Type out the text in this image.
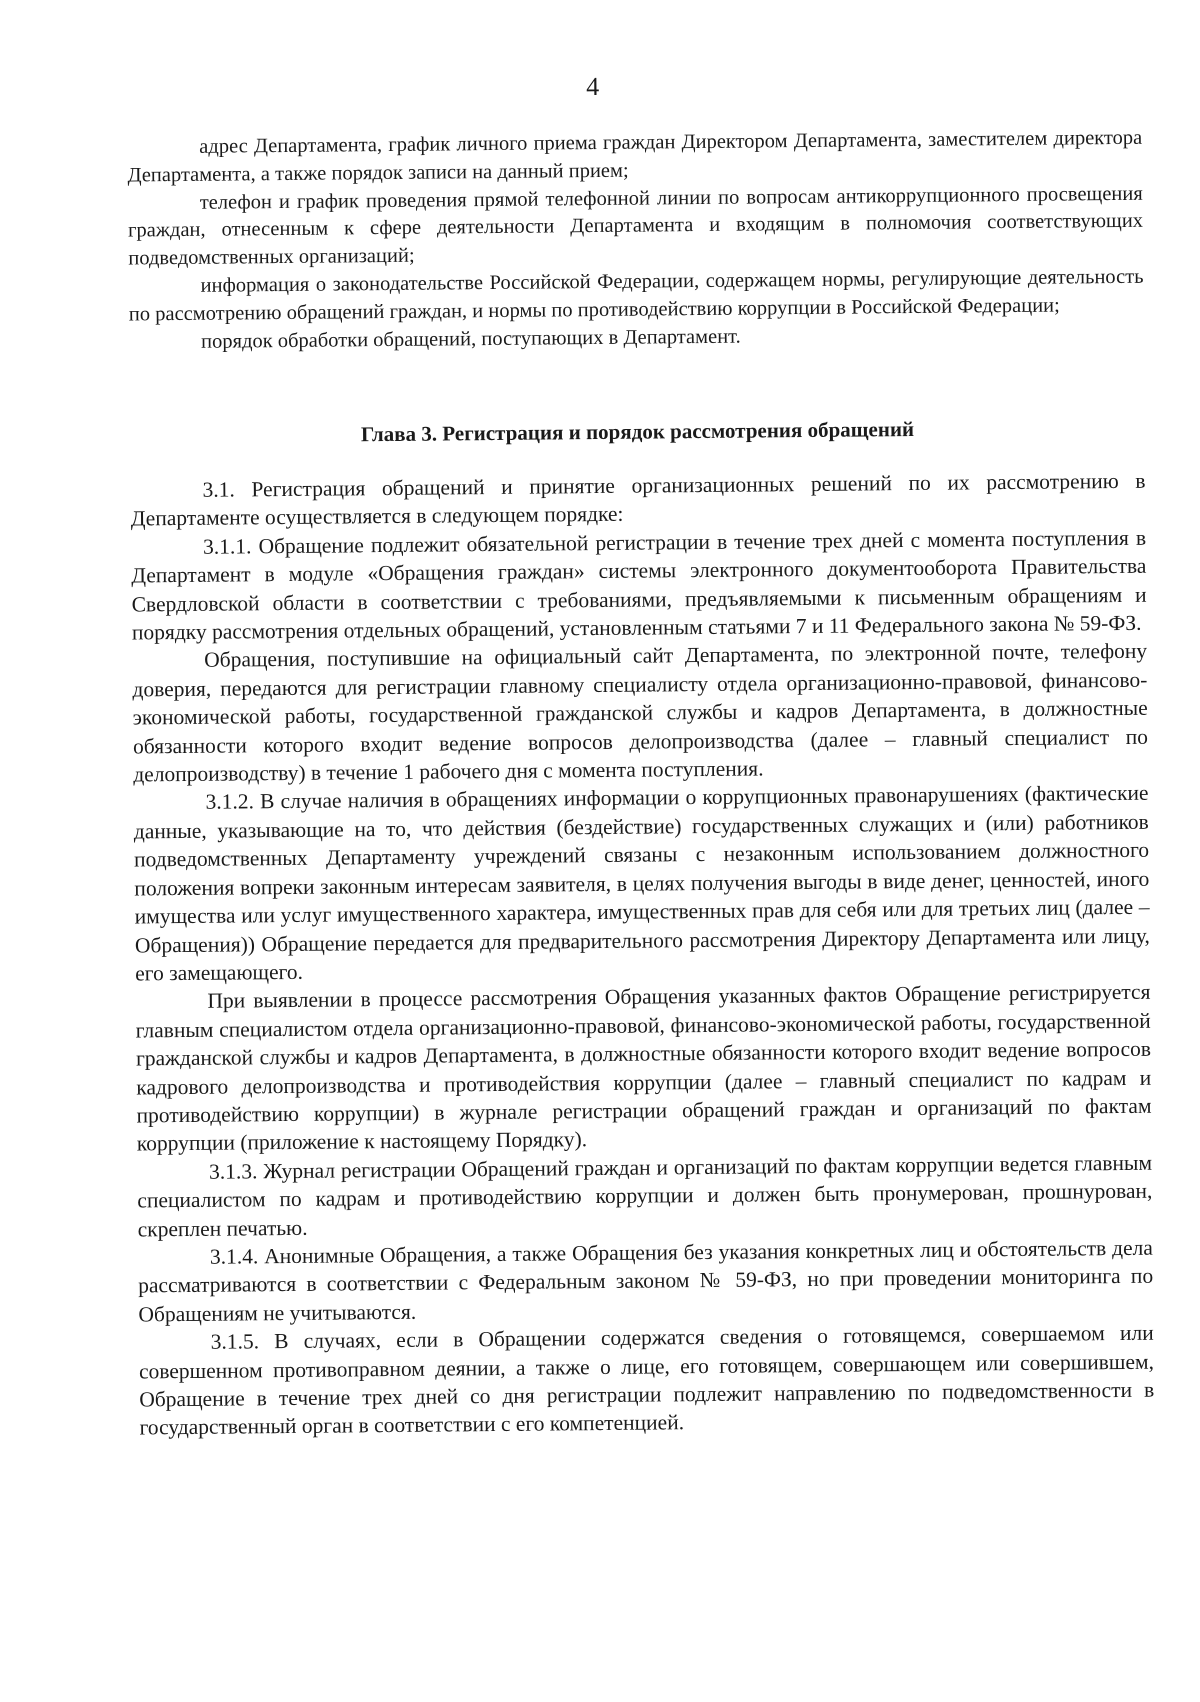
4

адрес Департамента, график личного приема граждан Директором Департамента, заместителем директора Департамента, а также порядок записи на данный прием;

телефон и график проведения прямой телефонной линии по вопросам антикоррупционного просвещения граждан, отнесенным к сфере деятельности Департамента и входящим в полномочия соответствующих подведомственных организаций;

информация о законодательстве Российской Федерации, содержащем нормы, регулирующие деятельность по рассмотрению обращений граждан, и нормы по противодействию коррупции в Российской Федерации;

порядок обработки обращений, поступающих в Департамент.

Глава 3. Регистрация и порядок рассмотрения обращений

3.1. Регистрация обращений и принятие организационных решений по их рассмотрению в Департаменте осуществляется в следующем порядке:

3.1.1. Обращение подлежит обязательной регистрации в течение трех дней с момента поступления в Департамент в модуле «Обращения граждан» системы электронного документооборота Правительства Свердловской области в соответствии с требованиями, предъявляемыми к письменным обращениям и порядку рассмотрения отдельных обращений, установленным статьями 7 и 11 Федерального закона № 59-ФЗ.

Обращения, поступившие на официальный сайт Департамента, по электронной почте, телефону доверия, передаются для регистрации главному специалисту отдела организационно-правовой, финансово-экономической работы, государственной гражданской службы и кадров Департамента, в должностные обязанности которого входит ведение вопросов делопроизводства (далее – главный специалист по делопроизводству) в течение 1 рабочего дня с момента поступления.

3.1.2. В случае наличия в обращениях информации о коррупционных правонарушениях (фактические данные, указывающие на то, что действия (бездействие) государственных служащих и (или) работников подведомственных Департаменту учреждений связаны с незаконным использованием должностного положения вопреки законным интересам заявителя, в целях получения выгоды в виде денег, ценностей, иного имущества или услуг имущественного характера, имущественных прав для себя или для третьих лиц (далее – Обращения)) Обращение передается для предварительного рассмотрения Директору Департамента или лицу, его замещающего.

При выявлении в процессе рассмотрения Обращения указанных фактов Обращение регистрируется главным специалистом отдела организационно-правовой, финансово-экономической работы, государственной гражданской службы и кадров Департамента, в должностные обязанности которого входит ведение вопросов кадрового делопроизводства и противодействия коррупции (далее – главный специалист по кадрам и противодействию коррупции) в журнале регистрации обращений граждан и организаций по фактам коррупции (приложение к настоящему Порядку).

3.1.3. Журнал регистрации Обращений граждан и организаций по фактам коррупции ведется главным специалистом по кадрам и противодействию коррупции и должен быть пронумерован, прошнурован, скреплен печатью.

3.1.4. Анонимные Обращения, а также Обращения без указания конкретных лиц и обстоятельств дела рассматриваются в соответствии с Федеральным законом № 59-ФЗ, но при проведении мониторинга по Обращениям не учитываются.

3.1.5. В случаях, если в Обращении содержатся сведения о готовящемся, совершаемом или совершенном противоправном деянии, а также о лице, его готовящем, совершающем или совершившем, Обращение в течение трех дней со дня регистрации подлежит направлению по подведомственности в государственный орган в соответствии с его компетенцией.
